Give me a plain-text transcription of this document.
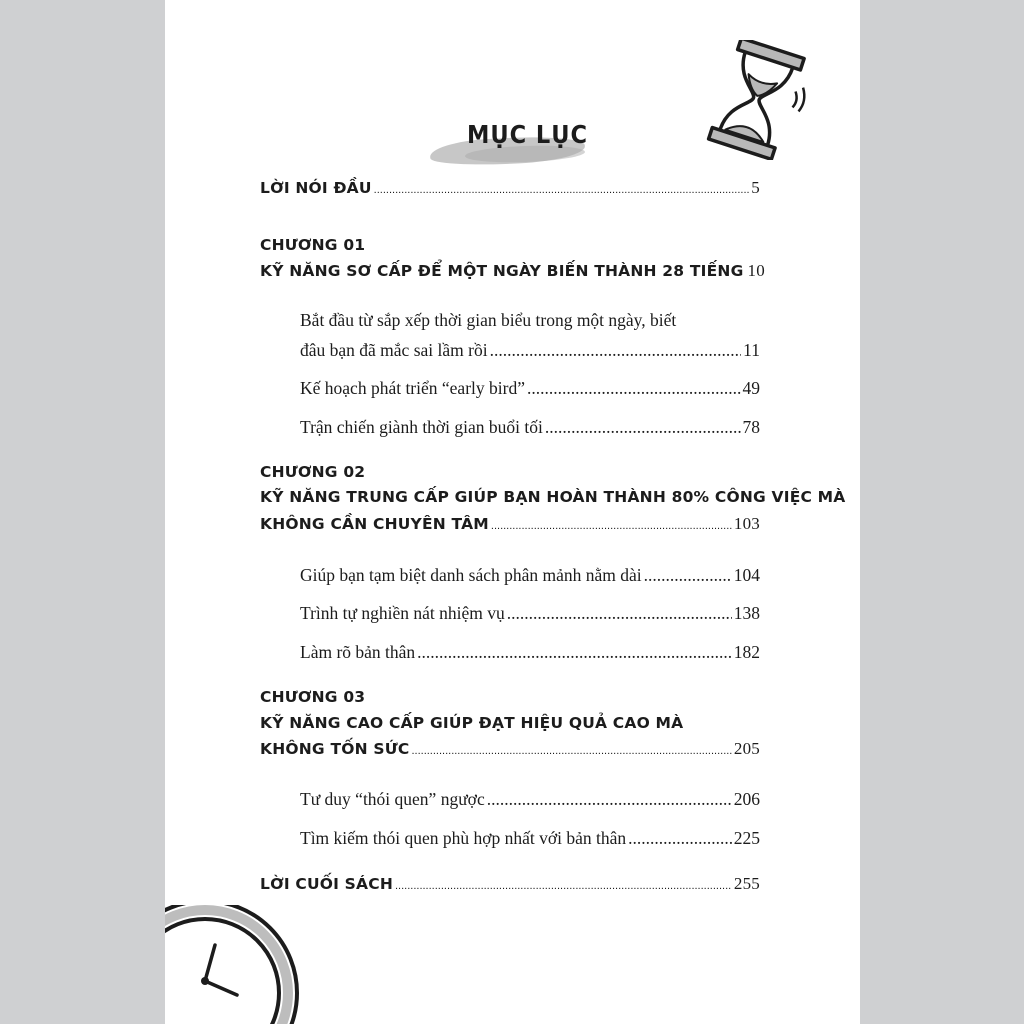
MỤC LỤC
LỜI NÓI ĐẦU .....	5
CHƯƠNG 01
KỸ NĂNG SƠ CẤP ĐỂ MỘT NGÀY BIẾN THÀNH 28 TIẾNG 10
Bắt đầu từ sắp xếp thời gian biểu trong một ngày, biết
đâu bạn đã mắc sai lầm rồi .....	11
Kế hoạch phát triển “early bird” .....	49
Trận chiến giành thời gian buổi tối .....	78
CHƯƠNG 02
KỸ NĂNG TRUNG CẤP GIÚP BẠN HOÀN THÀNH 80% CÔNG VIỆC MÀ
KHÔNG CẦN CHUYÊN TÂM .....	103
Giúp bạn tạm biệt danh sách phân mảnh nằm dài .....	104
Trình tự nghiền nát nhiệm vụ .....	138
Làm rõ bản thân .....	182
CHƯƠNG 03
KỸ NĂNG CAO CẤP GIÚP ĐẠT HIỆU QUẢ CAO MÀ
KHÔNG TỐN SỨC .....	205
Tư duy “thói quen” ngược .....	206
Tìm kiếm thói quen phù hợp nhất với bản thân .....	225
LỜI CUỐI SÁCH .....	255
